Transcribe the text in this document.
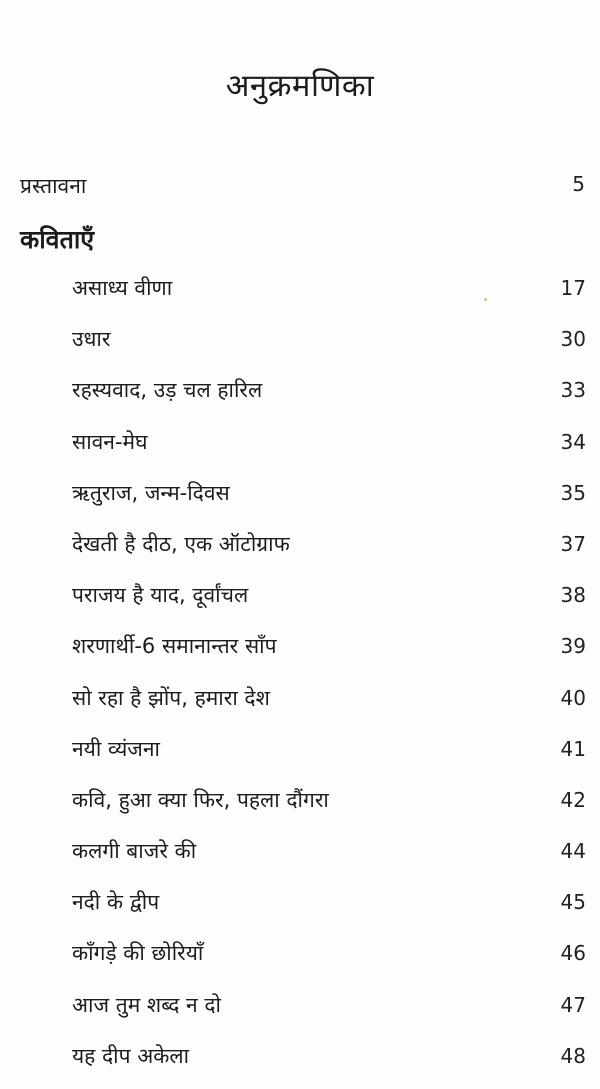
अनुक्रमणिका
प्रस्तावना	5
कविताएँ
असाध्य वीणा	17
उधार	30
रहस्यवाद, उड़ चल हारिल	33
सावन-मेघ	34
ऋतुराज, जन्म-दिवस	35
देखती है दीठ, एक ऑटोग्राफ	37
पराजय है याद, दूर्वांचल	38
शरणार्थी-6 समानान्तर साँप	39
सो रहा है झोंप, हमारा देश	40
नयी व्यंजना	41
कवि, हुआ क्या फिर, पहला दौंगरा	42
कलगी बाजरे की	44
नदी के द्वीप	45
काँगड़े की छोरियाँ	46
आज तुम शब्द न दो	47
यह दीप अकेला	48
